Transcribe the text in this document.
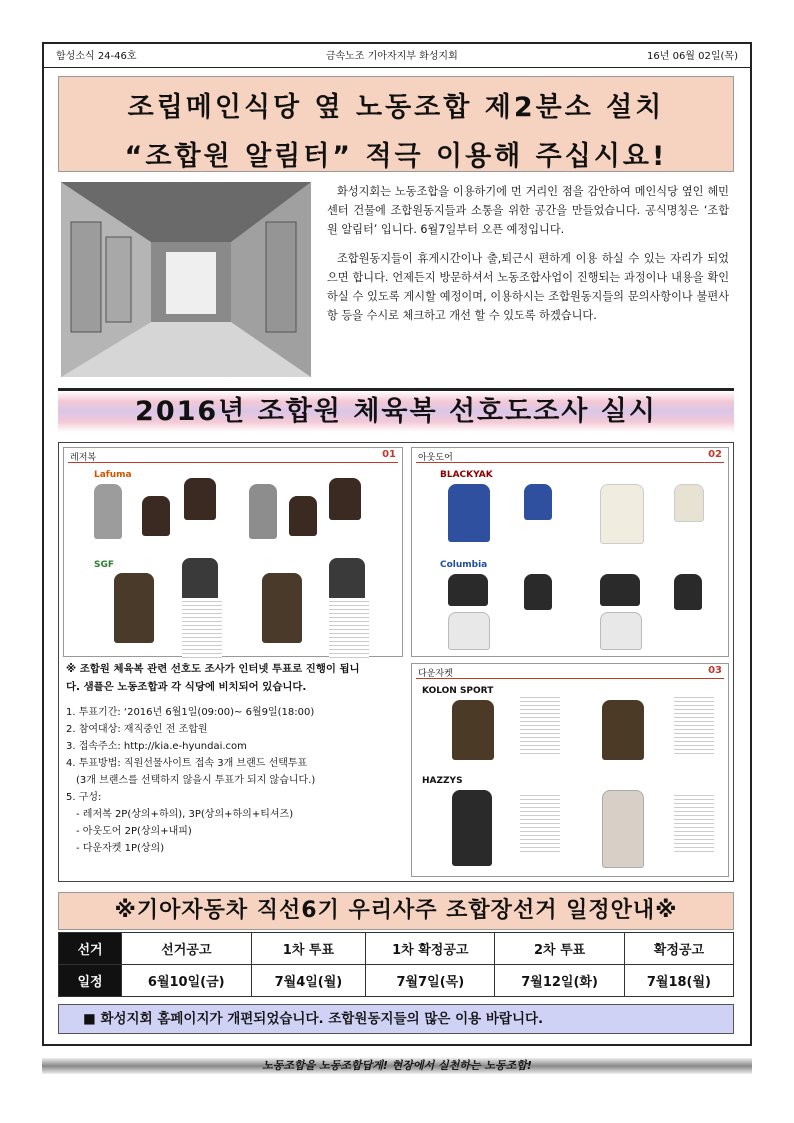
함성소식 24-46호	금속노조 기아자지부 화성지회	16년 06월 02일(목)
조립메인식당 옆 노동조합 제2분소 설치
“조합원 알림터” 적극 이용해 주십시요!

화성지회는 노동조합을 이용하기에 먼 거리인 점을 감안하여 메인식당 옆인 헤민센터 건물에 조합원동지들과 소통을 위한 공간을 만들었습니다. 공식명칭은 ‘조합원 알림터’ 입니다. 6월7일부터 오픈 예정입니다.

조합원동지들이 휴게시간이나 출,퇴근시 편하게 이용 하실 수 있는 자리가 되었으면 합니다. 언제든지 방문하셔서 노동조합사업이 진행되는 과정이나 내용을 확인하실 수 있도록 게시할 예정이며, 이용하시는 조합원동지들의 문의사항이나 불편사항 등을 수시로 체크하고 개선 할 수 있도록 하겠습니다.

2016년 조합원 체육복 선호도조사 실시
레저복	01
Lafuma
SGF
아웃도어	02
BLACKYAK
Columbia
다운자켓	03
KOLON SPORT
HAZZYS
※ 조합원 체육복 관련 선호도 조사가 인터넷 투표로 진행이 됩니다. 샘플은 노동조합과 각 식당에 비치되어 있습니다.
1. 투표기간: ‘2016년 6월1일(09:00)~ 6월9일(18:00)
2. 참여대상: 재직중인 전 조합원
3. 접속주소: http://kia.e-hyundai.com
4. 투표방법: 직원선물사이트 접속 3개 브랜드 선택투표
(3개 브랜스를 선택하지 않을시 투표가 되지 않습니다.)
5. 구성:
- 레저복 2P(상의+하의), 3P(상의+하의+티셔즈)
- 아웃도어 2P(상의+내피)
- 다운자켓 1P(상의)
※기아자동차 직선6기 우리사주 조합장선거 일정안내※
선거	선거공고	1차 투표	1차 확정공고	2차 투표	확정공고
일정	6월10일(금)	7월4일(월)	7월7일(목)	7월12일(화)	7월18(월)
■ 화성지회 홈페이지가 개편되었습니다. 조합원동지들의 많은 이용 바랍니다.
노동조합을 노동조합답게! 현장에서 실천하는 노동조합!
